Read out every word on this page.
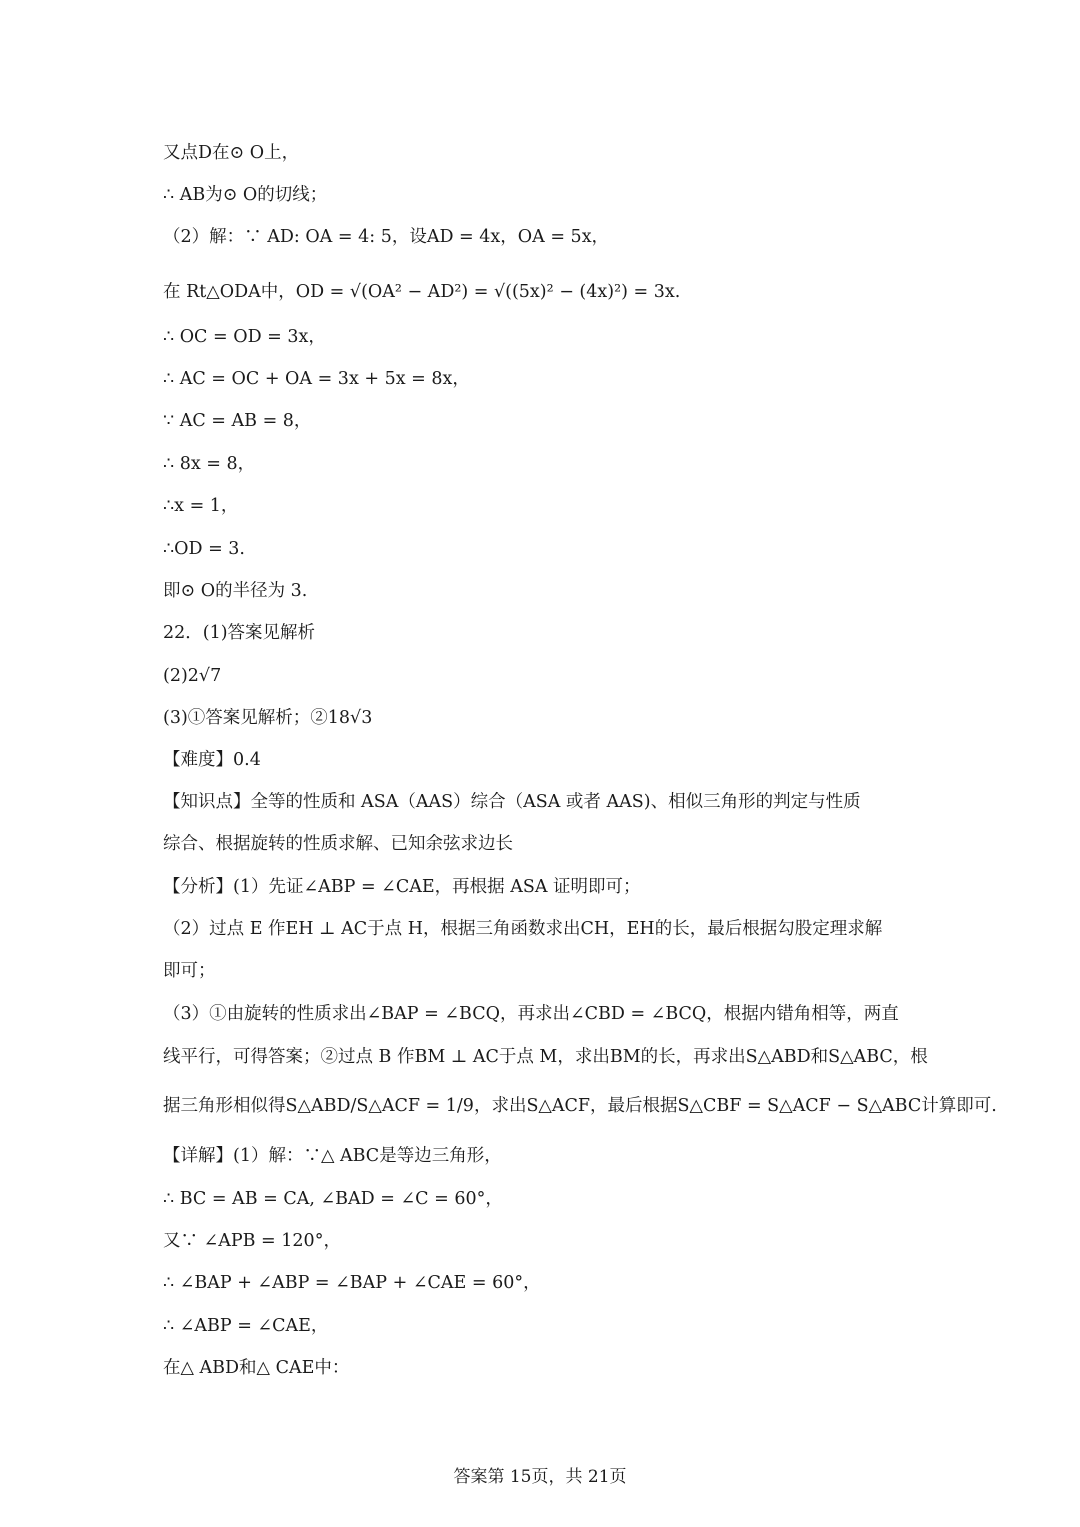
又点D在⊙ O上，
∴ AB为⊙ O的切线；
（2）解：∵ AD: OA = 4: 5，设AD = 4x，OA = 5x，
在 Rt△ODA中，OD = √(OA² − AD²) = √((5x)² − (4x)²) = 3x.
∴ OC = OD = 3x，
∴ AC = OC + OA = 3x + 5x = 8x，
∵ AC = AB = 8，
∴ 8x = 8，
∴x = 1，
∴OD = 3.
即⊙ O的半径为 3.
22．(1)答案见解析
(2)2√7
(3)①答案见解析；②18√3
【难度】0.4
【知识点】全等的性质和 ASA（AAS）综合（ASA 或者 AAS)、相似三角形的判定与性质
综合、根据旋转的性质求解、已知余弦求边长
【分析】(1）先证∠ABP = ∠CAE，再根据 ASA 证明即可；
（2）过点 E 作EH ⊥ AC于点 H，根据三角函数求出CH，EH的长，最后根据勾股定理求解
即可；
（3）①由旋转的性质求出∠BAP = ∠BCQ，再求出∠CBD = ∠BCQ，根据内错角相等，两直
线平行，可得答案；②过点 B 作BM ⊥ AC于点 M，求出BM的长，再求出S△ABD和S△ABC，根
据三角形相似得S△ABD/S△ACF = 1/9，求出S△ACF，最后根据S△CBF = S△ACF − S△ABC计算即可.
【详解】(1）解：∵△ ABC是等边三角形，
∴ BC = AB = CA, ∠BAD = ∠C = 60°，
又∵ ∠APB = 120°，
∴ ∠BAP + ∠ABP = ∠BAP + ∠CAE = 60°，
∴ ∠ABP = ∠CAE，
在△ ABD和△ CAE中：
答案第 15页，共 21页
